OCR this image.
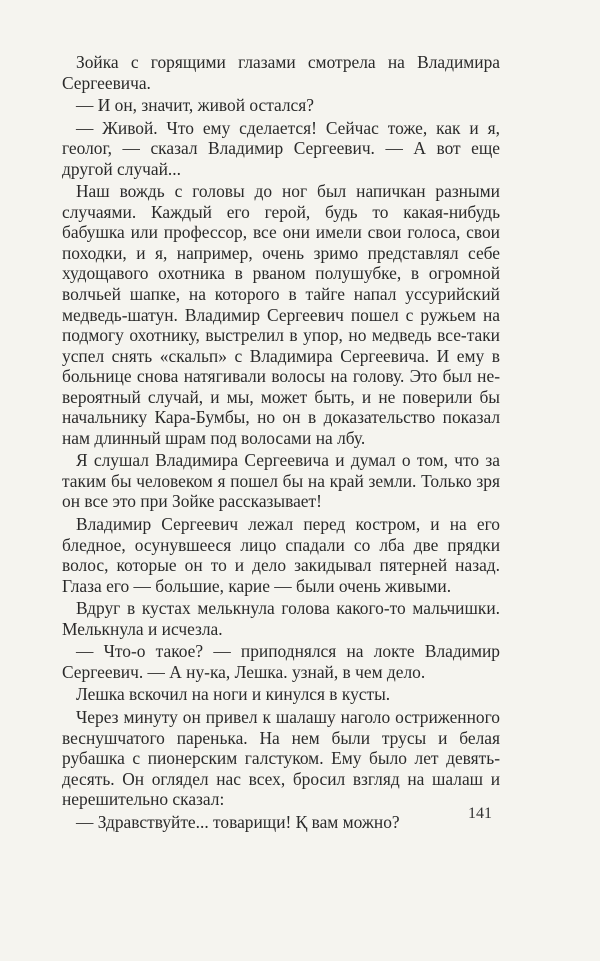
Зойка с горящими глазами смотрела на Владимира Сергеевича.

— И он, значит, живой остался?

— Живой. Что ему сделается! Сейчас тоже, как и я, геолог, — сказал Владимир Сергеевич. — А вот еще другой случай...

Наш вождь с головы до ног был напичкан разными случаями. Каждый его герой, будь то какая-нибудь бабушка или профессор, все они имели свои голоса, свои походки, и я, например, очень зримо представлял себе худощавого охотника в рваном полушубке, в огромной волчьей шапке, на которого в тайге напал уссурийский медведь-шатун. Владимир Сергеевич пошел с ружьем на подмогу охотнику, выстрелил в упор, но медведь все-таки успел снять «скальп» с Владимира Сергеевича. И ему в больнице снова натягивали волосы на голову. Это был невероятный случай, и мы, может быть, и не поверили бы начальнику Кара-Бумбы, но он в доказательство показал нам длинный шрам под волосами на лбу.

Я слушал Владимира Сергеевича и думал о том, что за таким бы человеком я пошел бы на край земли. Только зря он все это при Зойке рассказывает!

Владимир Сергеевич лежал перед костром, и на его бледное, осунувшееся лицо спадали со лба две прядки волос, которые он то и дело закидывал пятерней назад. Глаза его — большие, карие — были очень живыми.

Вдруг в кустах мелькнула голова какого-то мальчишки. Мелькнула и исчезла.

— Что-о такое? — приподнялся на локте Владимир Сергеевич. — А ну-ка, Лешка. узнай, в чем дело.

Лешка вскочил на ноги и кинулся в кусты.

Через минуту он привел к шалашу наголо остриженного веснушчатого паренька. На нем были трусы и белая рубашка с пионерским галстуком. Ему было лет девять-десять. Он оглядел нас всех, бросил взгляд на шалаш и нерешительно сказал:

— Здравствуйте... товарищи! Қ вам можно?	141
